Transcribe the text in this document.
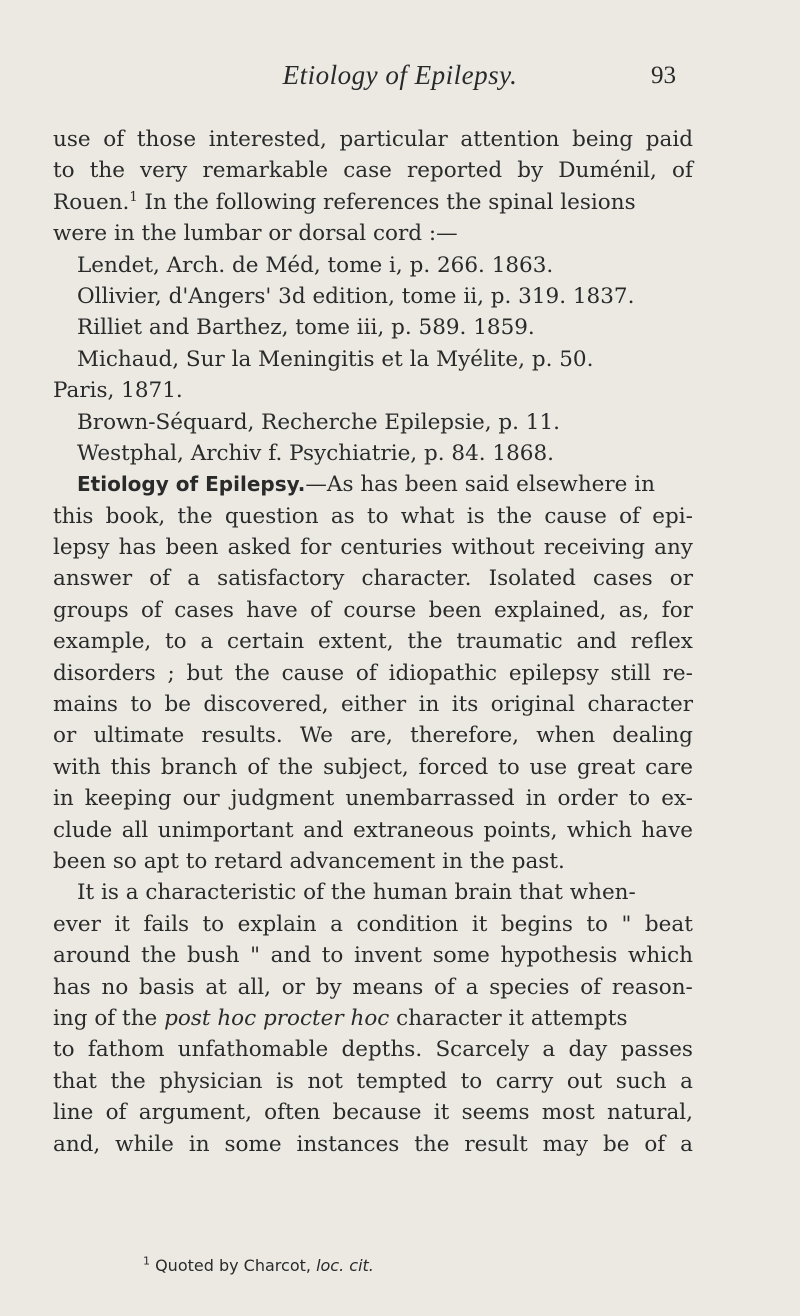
Etiology of Epilepsy.	93
use of those interested, particular attention being paid
to the very remarkable case reported by Duménil, of
Rouen.$^1$ In the following references the spinal lesions
were in the lumbar or dorsal cord :—
Lendet, Arch. de Méd, tome i, p. 266. 1863.
Ollivier, d'Angers' 3d edition, tome ii, p. 319. 1837.
Rilliet and Barthez, tome iii, p. 589. 1859.
Michaud, Sur la Meningitis et la Myélite, p. 50.
Paris, 1871.
Brown-Séquard, Recherche Epilepsie, p. 11.
Westphal, Archiv f. Psychiatrie, p. 84. 1868.
Etiology of Epilepsy.—As has been said elsewhere in
this book, the question as to what is the cause of epi-
lepsy has been asked for centuries without receiving any
answer of a satisfactory character. Isolated cases or
groups of cases have of course been explained, as, for
example, to a certain extent, the traumatic and reflex
disorders ; but the cause of idiopathic epilepsy still re-
mains to be discovered, either in its original character
or ultimate results. We are, therefore, when dealing
with this branch of the subject, forced to use great care
in keeping our judgment unembarrassed in order to ex-
clude all unimportant and extraneous points, which have
been so apt to retard advancement in the past.
It is a characteristic of the human brain that when-
ever it fails to explain a condition it begins to " beat
around the bush " and to invent some hypothesis which
has no basis at all, or by means of a species of reason-
ing of the post hoc procter hoc character it attempts
to fathom unfathomable depths. Scarcely a day passes
that the physician is not tempted to carry out such a
line of argument, often because it seems most natural,
and, while in some instances the result may be of a
$^1$ Quoted by Charcot, loc. cit.
